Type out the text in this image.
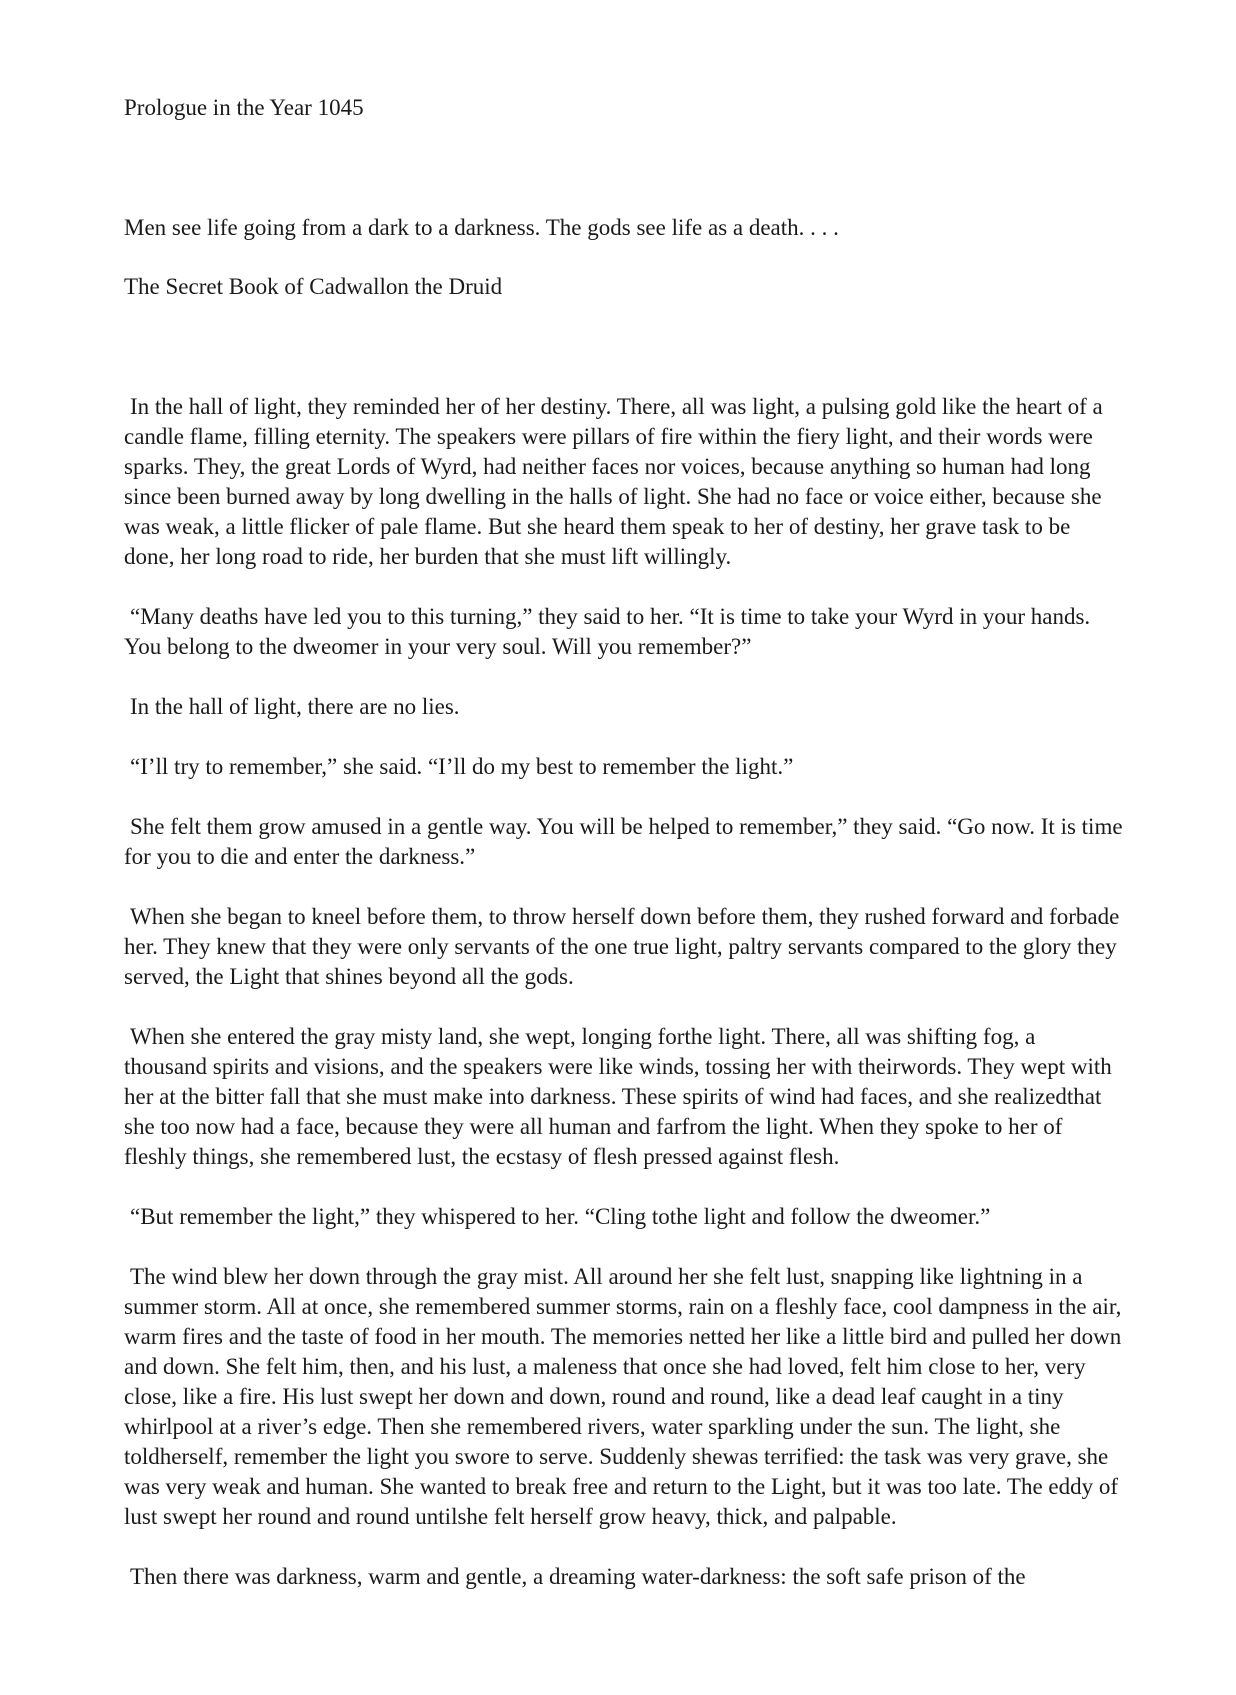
Prologue in the Year 1045

Men see life going from a dark to a darkness. The gods see life as a death. . . .

The Secret Book of Cadwallon the Druid

In the hall of light, they reminded her of her destiny. There, all was light, a pulsing gold like the heart of a candle flame, filling eternity. The speakers were pillars of fire within the fiery light, and their words were sparks. They, the great Lords of Wyrd, had neither faces nor voices, because anything so human had long since been burned away by long dwelling in the halls of light. She had no face or voice either, because she was weak, a little flicker of pale flame. But she heard them speak to her of destiny, her grave task to be done, her long road to ride, her burden that she must lift willingly.

“Many deaths have led you to this turning,” they said to her. “It is time to take your Wyrd in your hands. You belong to the dweomer in your very soul. Will you remember?”

In the hall of light, there are no lies.

“I’ll try to remember,” she said. “I’ll do my best to remember the light.”

She felt them grow amused in a gentle way. You will be helped to remember,” they said. “Go now. It is time for you to die and enter the darkness.”

When she began to kneel before them, to throw herself down before them, they rushed forward and forbade her. They knew that they were only servants of the one true light, paltry servants compared to the glory they served, the Light that shines beyond all the gods.

When she entered the gray misty land, she wept, longing forthe light. There, all was shifting fog, a thousand spirits and visions, and the speakers were like winds, tossing her with theirwords. They wept with her at the bitter fall that she must make into darkness. These spirits of wind had faces, and she realizedthat she too now had a face, because they were all human and farfrom the light. When they spoke to her of fleshly things, she remembered lust, the ecstasy of flesh pressed against flesh.

“But remember the light,” they whispered to her. “Cling tothe light and follow the dweomer.”

The wind blew her down through the gray mist. All around her she felt lust, snapping like lightning in a summer storm. All at once, she remembered summer storms, rain on a fleshly face, cool dampness in the air, warm fires and the taste of food in her mouth. The memories netted her like a little bird and pulled her down and down. She felt him, then, and his lust, a maleness that once she had loved, felt him close to her, very close, like a fire. His lust swept her down and down, round and round, like a dead leaf caught in a tiny whirlpool at a river’s edge. Then she remembered rivers, water sparkling under the sun. The light, she toldherself, remember the light you swore to serve. Suddenly shewas terrified: the task was very grave, she was very weak and human. She wanted to break free and return to the Light, but it was too late. The eddy of lust swept her round and round untilshe felt herself grow heavy, thick, and palpable.

Then there was darkness, warm and gentle, a dreaming water-darkness: the soft safe prison of the
